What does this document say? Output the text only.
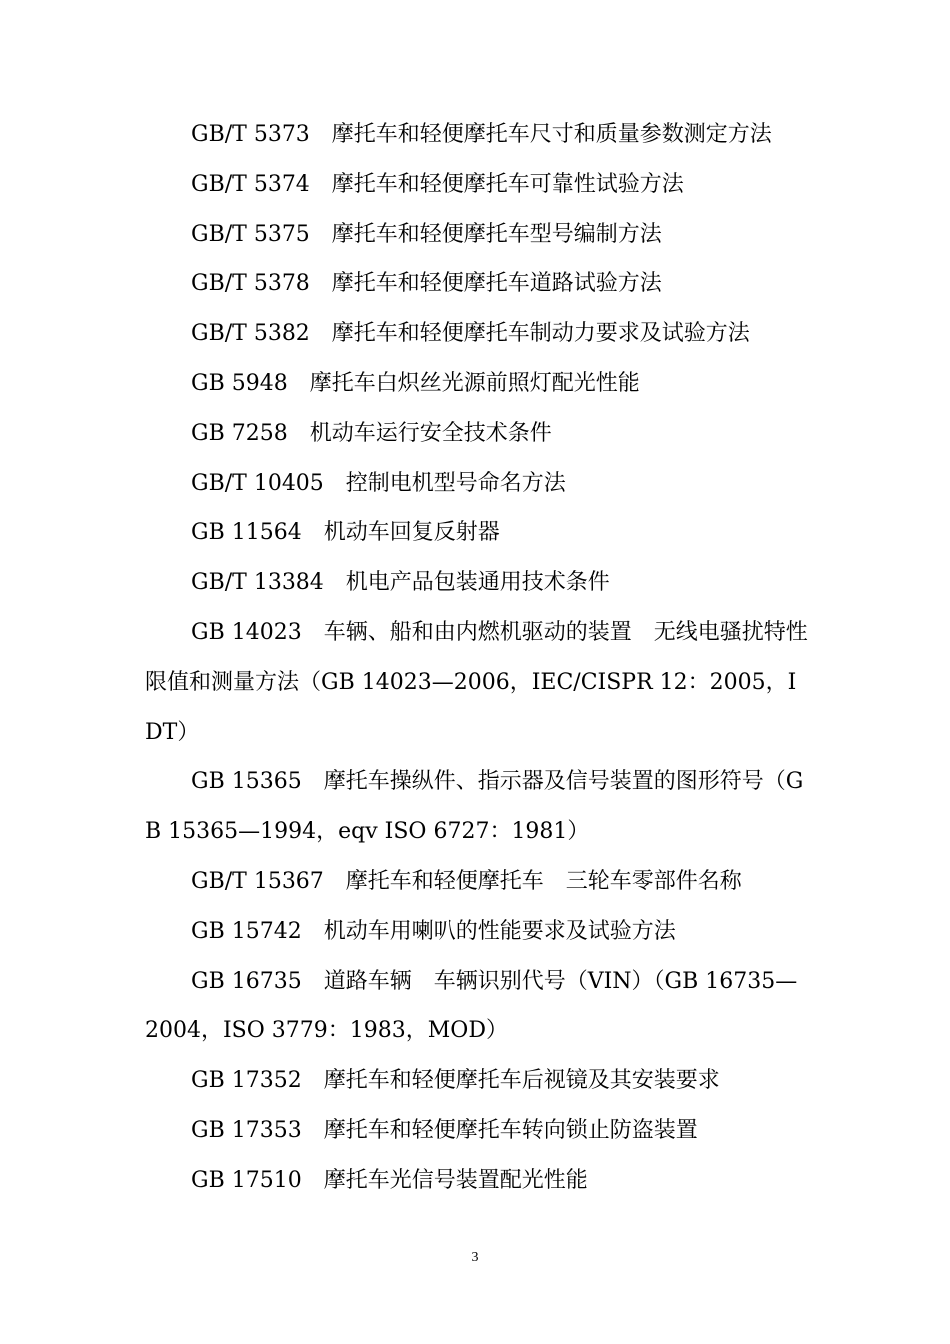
GB/T 5373　摩托车和轻便摩托车尺寸和质量参数测定方法

GB/T 5374　摩托车和轻便摩托车可靠性试验方法

GB/T 5375　摩托车和轻便摩托车型号编制方法

GB/T 5378　摩托车和轻便摩托车道路试验方法

GB/T 5382　摩托车和轻便摩托车制动力要求及试验方法

GB 5948　摩托车白炽丝光源前照灯配光性能

GB 7258　机动车运行安全技术条件

GB/T 10405　控制电机型号命名方法

GB 11564　机动车回复反射器

GB/T 13384　机电产品包装通用技术条件

GB 14023　车辆、船和由内燃机驱动的装置　无线电骚扰特性　限值和测量方法（GB 14023—2006，IEC/CISPR 12：2005，IDT）

GB 15365　摩托车操纵件、指示器及信号装置的图形符号（GB 15365—1994，eqv ISO 6727：1981）

GB/T 15367　摩托车和轻便摩托车　三轮车零部件名称

GB 15742　机动车用喇叭的性能要求及试验方法

GB 16735　道路车辆　车辆识别代号（VIN）（GB 16735—2004，ISO 3779：1983，MOD）

GB 17352　摩托车和轻便摩托车后视镜及其安装要求

GB 17353　摩托车和轻便摩托车转向锁止防盗装置

GB 17510　摩托车光信号装置配光性能

3
